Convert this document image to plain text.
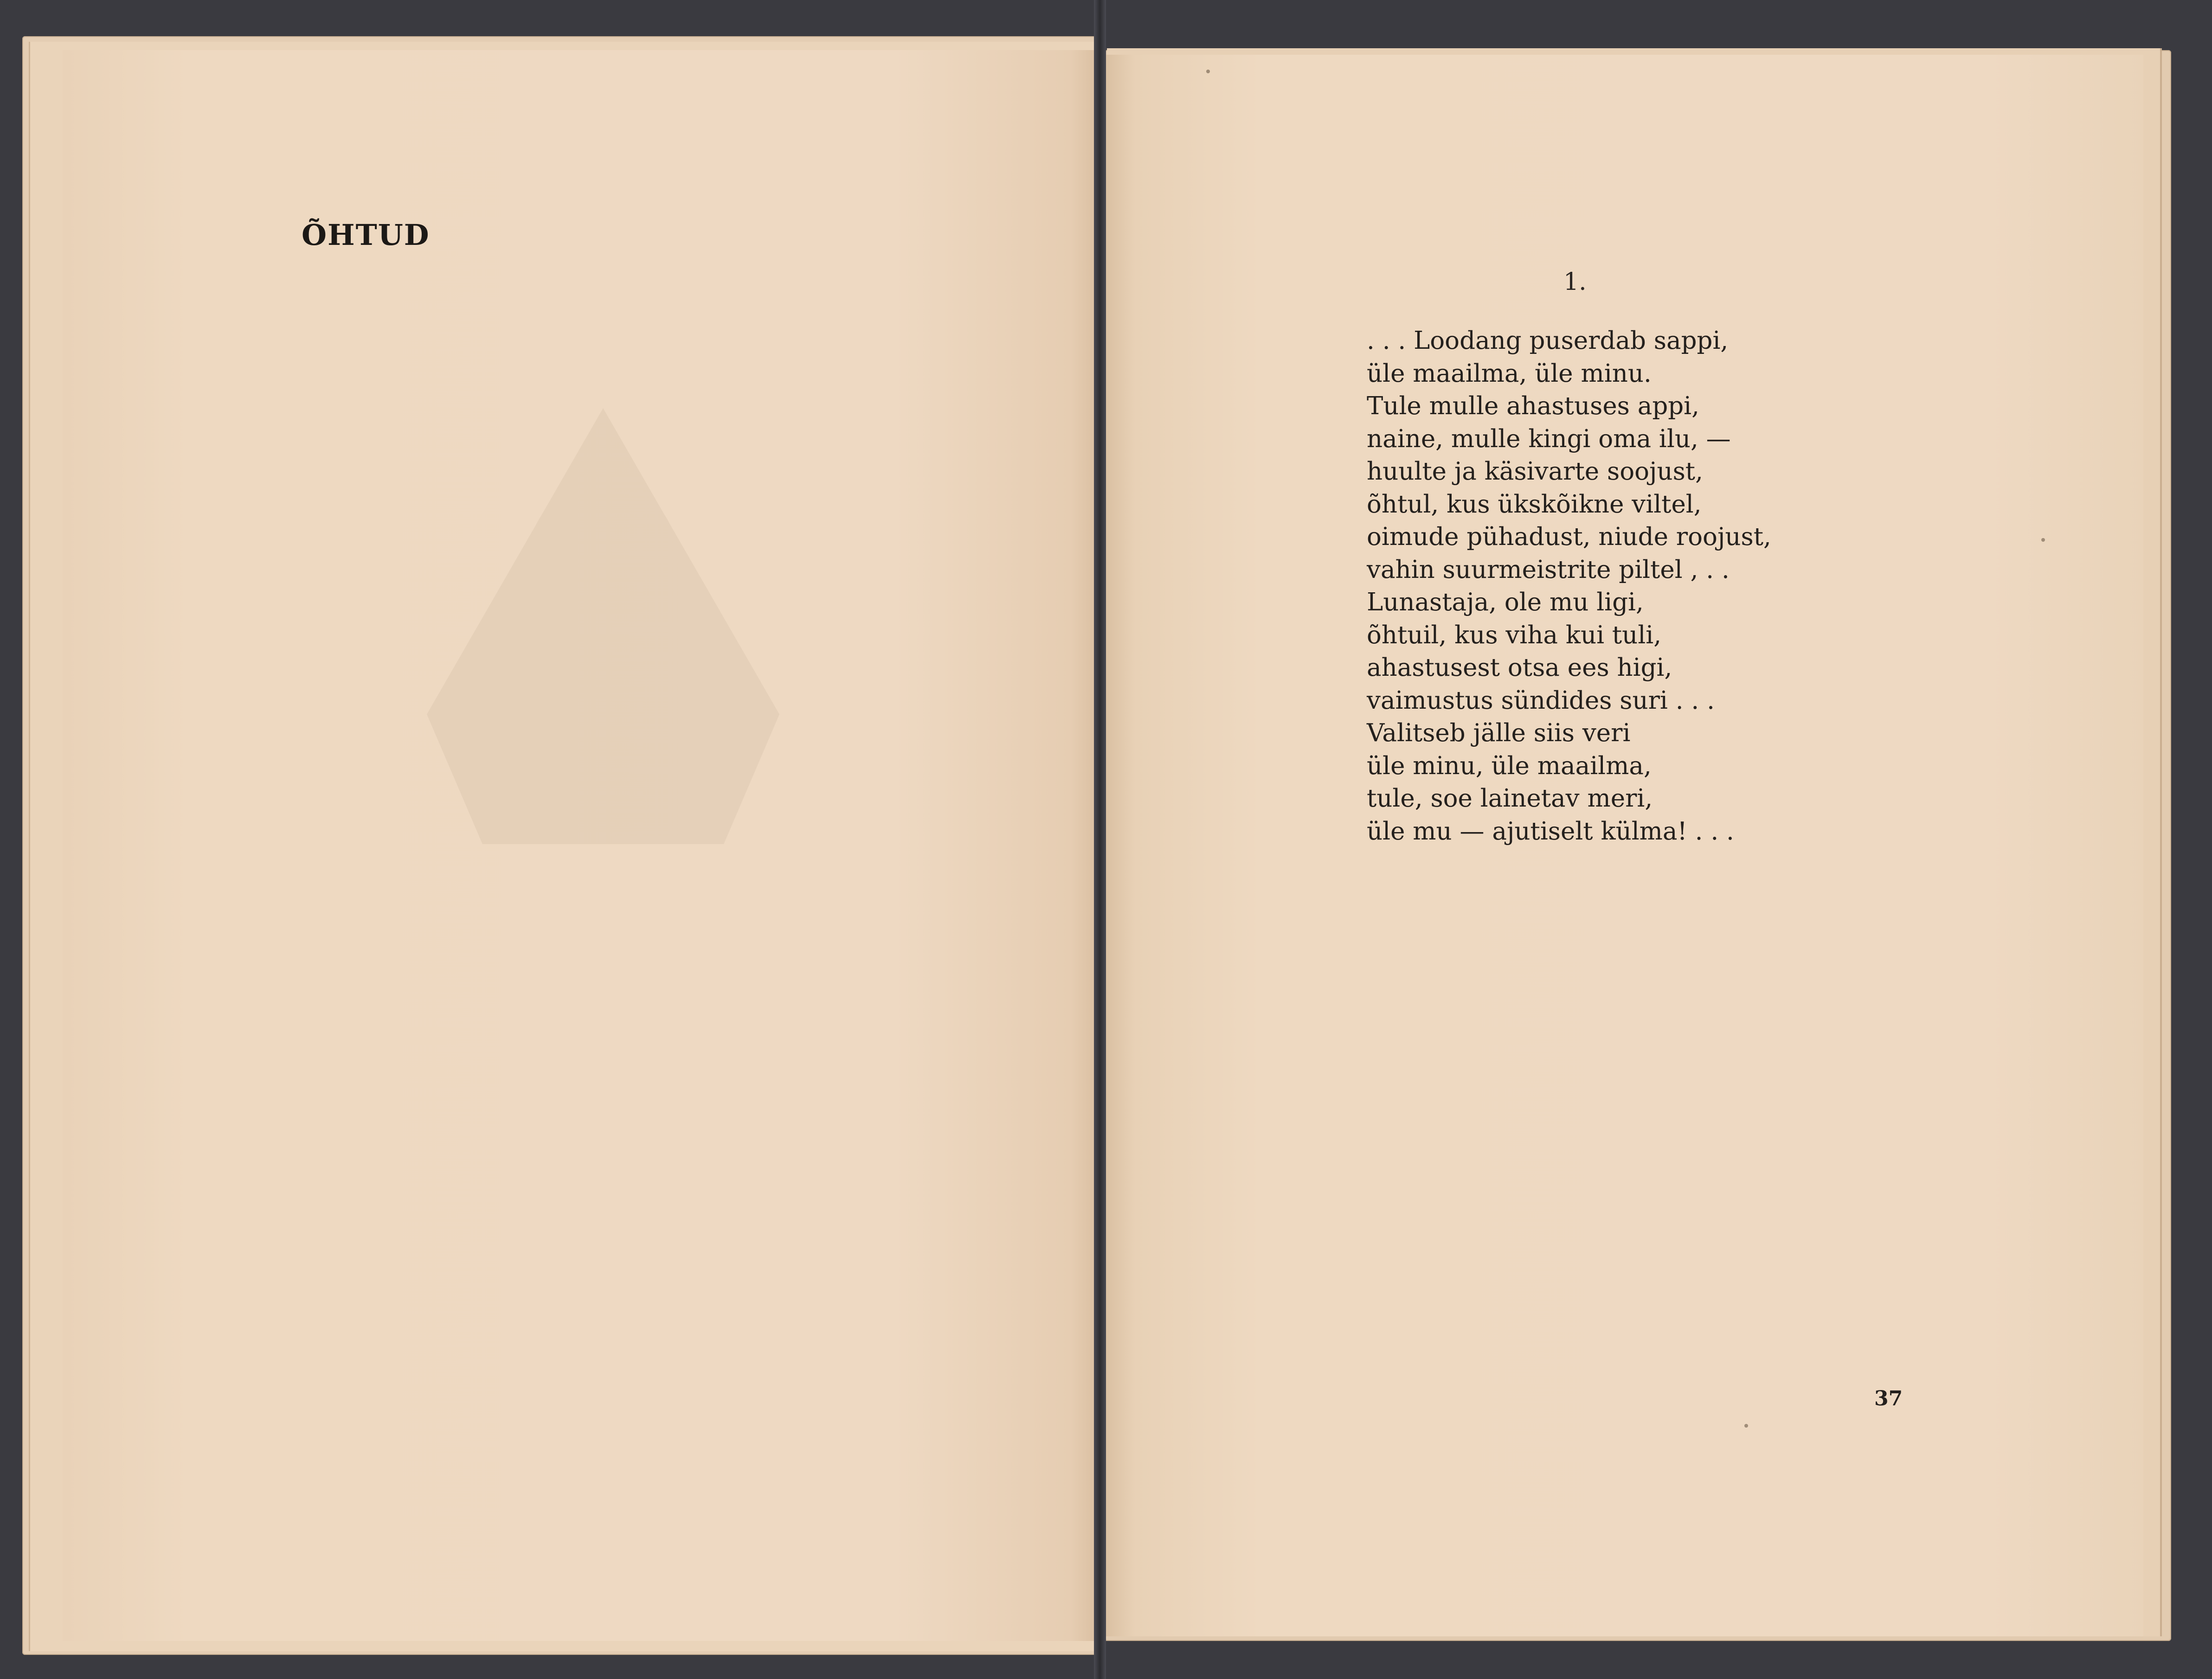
ÕHTUD
1.
. . . Loodang puserdab sappi,
üle maailma, üle minu.
Tule mulle ahastuses appi,
naine, mulle kingi oma ilu, —
huulte ja käsivarte soojust,
õhtul, kus ükskõikne viltel,
oimude pühadust, niude roojust,
vahin suurmeistrite piltel , . .
Lunastaja, ole mu ligi,
õhtuil, kus viha kui tuli,
ahastusest otsa ees higi,
vaimustus sündides suri . . .
Valitseb jälle siis veri
üle minu, üle maailma,
tule, soe lainetav meri,
üle mu — ajutiselt külma! . . .
37
